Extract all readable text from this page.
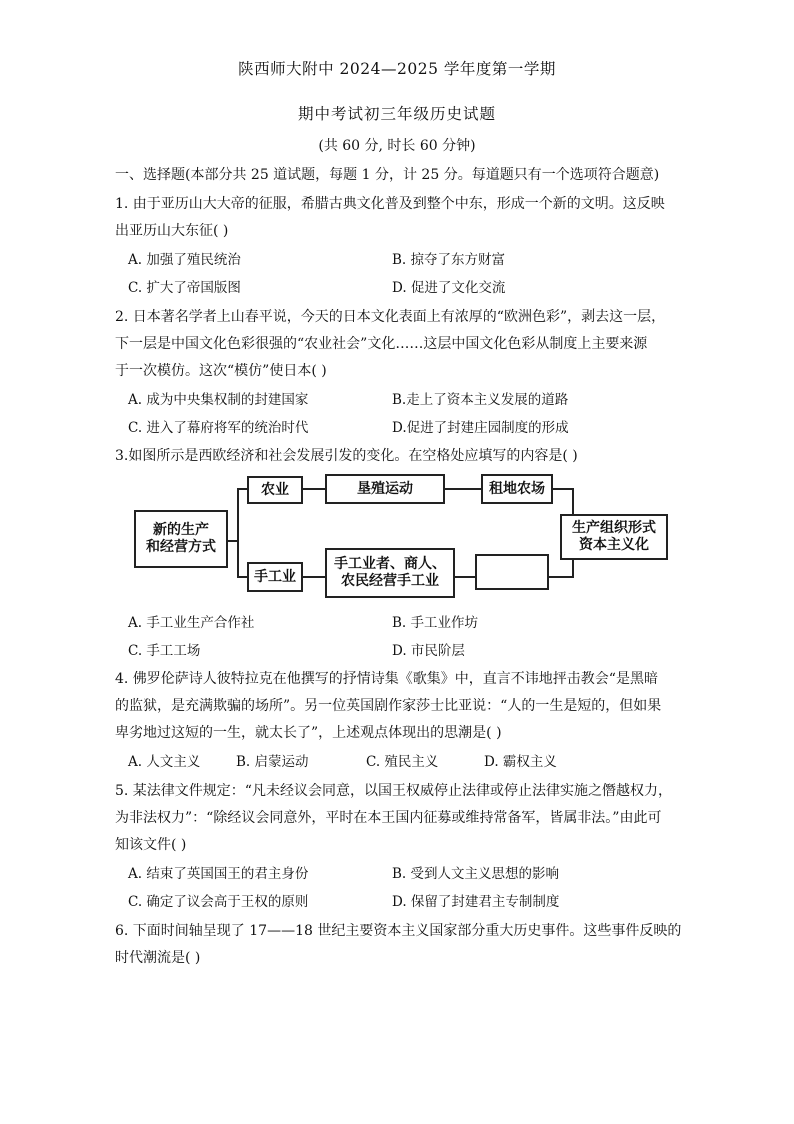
陕西师大附中 2024—2025 学年度第一学期
期中考试初三年级历史试题
(共 60 分, 时长 60 分钟)
一、选择题(本部分共 25 道试题，每题 1 分，计 25 分。每道题只有一个选项符合题意)
1. 由于亚历山大大帝的征服，希腊古典文化普及到整个中东，形成一个新的文明。这反映
出亚历山大东征( )
A. 加强了殖民统治	B. 掠夺了东方财富
C. 扩大了帝国版图	D. 促进了文化交流
2. 日本著名学者上山春平说，今天的日本文化表面上有浓厚的“欧洲色彩”，剥去这一层，
下一层是中国文化色彩很强的“农业社会”文化……这层中国文化色彩从制度上主要来源
于一次模仿。这次“模仿”使日本( )
A. 成为中央集权制的封建国家	B.走上了资本主义发展的道路
C. 进入了幕府将军的统治时代	D.促进了封建庄园制度的形成
3.如图所示是西欧经济和社会发展引发的变化。在空格处应填写的内容是( )
新的生产
和经营方式
农业	垦殖运动	租地农场
手工业
手工业者、商人、
农民经营手工业
生产组织形式
资本主义化
A. 手工业生产合作社	B. 手工业作坊
C. 手工工场	D. 市民阶层
4. 佛罗伦萨诗人彼特拉克在他撰写的抒情诗集《歌集》中，直言不讳地抨击教会“是黑暗
的监狱，是充满欺骗的场所”。另一位英国剧作家莎士比亚说：“人的一生是短的，但如果
卑劣地过这短的一生，就太长了”，上述观点体现出的思潮是( )
A. 人文主义	B. 启蒙运动	C. 殖民主义	D. 霸权主义
5. 某法律文件规定：“凡未经议会同意，以国王权威停止法律或停止法律实施之僭越权力，
为非法权力”：“除经议会同意外，平时在本王国内征募或维持常备军，皆属非法。”由此可
知该文件( )
A. 结束了英国国王的君主身份	B. 受到人文主义思想的影响
C. 确定了议会高于王权的原则	D. 保留了封建君主专制制度
6. 下面时间轴呈现了 17——18 世纪主要资本主义国家部分重大历史事件。这些事件反映的
时代潮流是( )
